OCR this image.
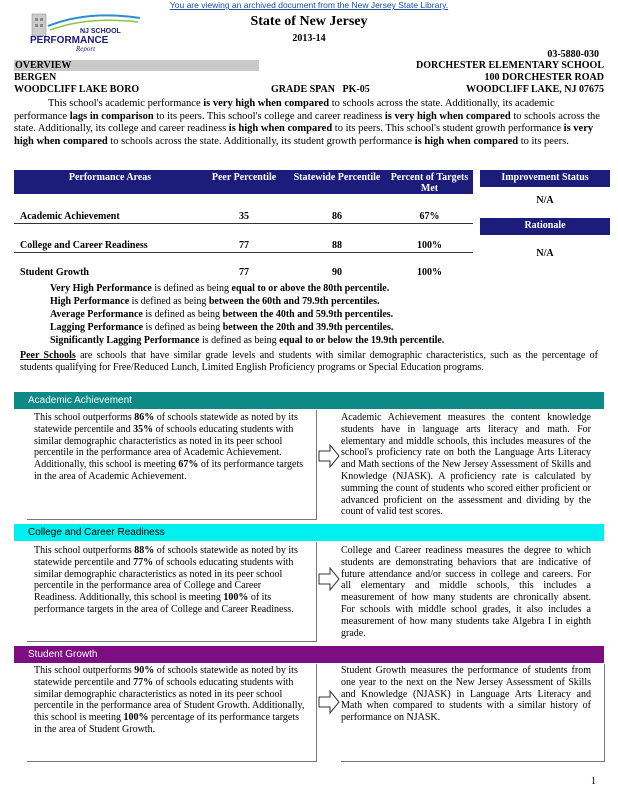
You are viewing an archived document from the New Jersey State Library.
NJ SCHOOL
PERFORMANCE
Report
State of New Jersey
2013-14
03-5880-030
OVERVIEW	DORCHESTER ELEMENTARY SCHOOL
BERGEN	100 DORCHESTER ROAD
WOODCLIFF LAKE BORO	GRADE SPAN PK-05	WOODCLIFF LAKE, NJ 07675

This school's academic performance is very high when compared to schools across the state. Additionally, its academic performance lags in comparison to its peers. This school's college and career readiness is very high when compared to schools across the state. Additionally, its college and career readiness is high when compared to its peers. This school's student growth performance is very high when compared to schools across the state. Additionally, its student growth performance is high when compared to its peers.

Performance Areas	Peer Percentile	Statewide Percentile	Percent of Targets Met
Academic Achievement	35	86	67%
College and Career Readiness	77	88	100%
Student Growth	77	90	100%
Improvement Status
N/A
Rationale
N/A
Very High Performance is defined as being equal to or above the 80th percentile.
High Performance is defined as being between the 60th and 79.9th percentiles.
Average Performance is defined as being between the 40th and 59.9th percentiles.
Lagging Performance is defined as being between the 20th and 39.9th percentiles.
Significantly Lagging Performance is defined as being equal to or below the 19.9th percentile.

Peer Schools are schools that have similar grade levels and students with similar demographic characteristics, such as the percentage of students qualifying for Free/Reduced Lunch, Limited English Proficiency programs or Special Education programs.

Academic Achievement
This school outperforms 86% of schools statewide as noted by its statewide percentile and 35% of schools educating students with similar demographic characteristics as noted in its peer school percentile in the performance area of Academic Achievement. Additionally, this school is meeting 67% of its performance targets in the area of Academic Achievement.
Academic Achievement measures the content knowledge students have in language arts literacy and math. For elementary and middle schools, this includes measures of the school's proficiency rate on both the Language Arts Literacy and Math sections of the New Jersey Assessment of Skills and Knowledge (NJASK). A proficiency rate is calculated by summing the count of students who scored either proficient or advanced proficient on the assessment and dividing by the count of valid test scores.
College and Career Readiness
This school outperforms 88% of schools statewide as noted by its statewide percentile and 77% of schools educating students with similar demographic characteristics as noted in its peer school percentile in the performance area of College and Career Readiness. Additionally, this school is meeting 100% of its performance targets in the area of College and Career Readiness.
College and Career readiness measures the degree to which students are demonstrating behaviors that are indicative of future attendance and/or success in college and careers. For all elementary and middle schools, this includes a measurement of how many students are chronically absent. For schools with middle school grades, it also includes a measurement of how many students take Algebra I in eighth grade.
Student Growth
This school outperforms 90% of schools statewide as noted by its statewide percentile and 77% of schools educating students with similar demographic characteristics as noted in its peer school percentile in the performance area of Student Growth. Additionally, this school is meeting 100% percentage of its performance targets in the area of Student Growth.
Student Growth measures the performance of students from one year to the next on the New Jersey Assessment of Skills and Knowledge (NJASK) in Language Arts Literacy and Math when compared to students with a similar history of performance on NJASK.
1
